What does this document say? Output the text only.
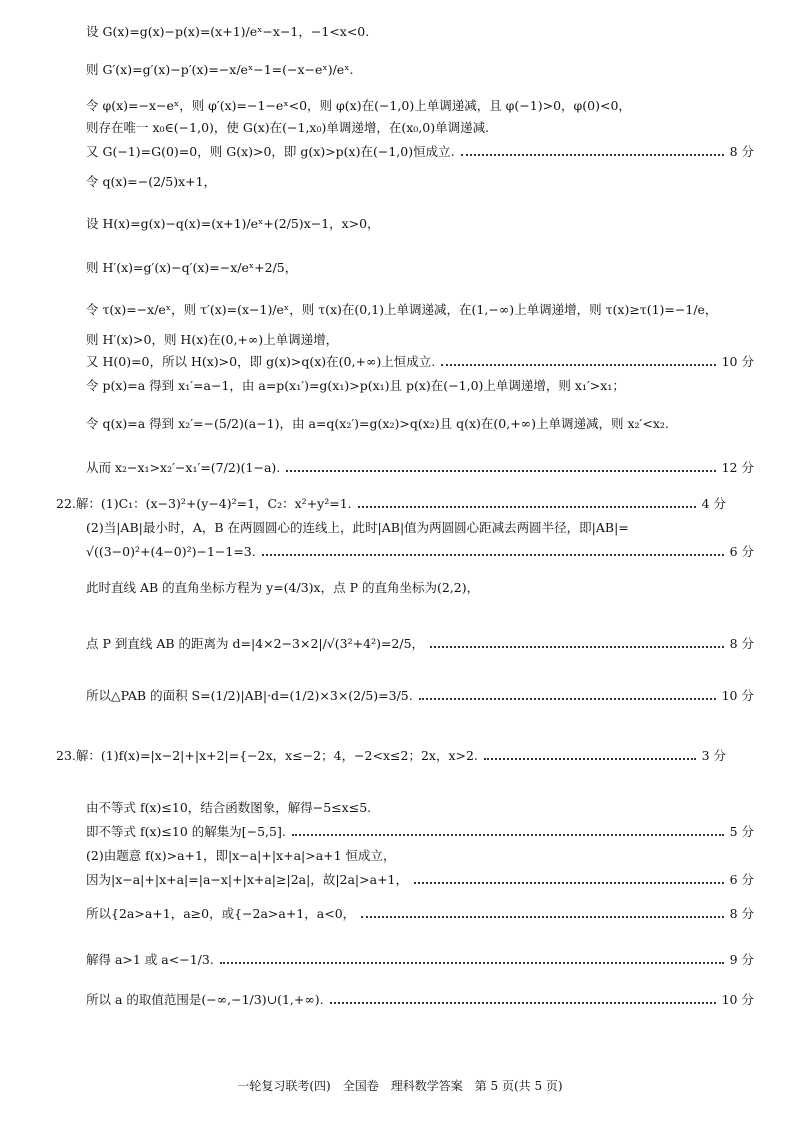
设 G(x)=g(x)−p(x)=(x+1)/eˣ−x−1，−1<x<0.
则 G′(x)=g′(x)−p′(x)=−x/eˣ−1=(−x−eˣ)/eˣ.
令 φ(x)=−x−eˣ，则 φ′(x)=−1−eˣ<0，则 φ(x)在(−1,0)上单调递减，且 φ(−1)>0，φ(0)<0，
则存在唯一 x₀∈(−1,0)，使 G(x)在(−1,x₀)单调递增，在(x₀,0)单调递减.
又 G(−1)=G(0)=0，则 G(x)>0，即 g(x)>p(x)在(−1,0)恒成立.	8 分
令 q(x)=−(2/5)x+1，
设 H(x)=g(x)−q(x)=(x+1)/eˣ+(2/5)x−1，x>0，
则 H′(x)=g′(x)−q′(x)=−x/eˣ+2/5，
令 τ(x)=−x/eˣ，则 τ′(x)=(x−1)/eˣ，则 τ(x)在(0,1)上单调递减，在(1,−∞)上单调递增，则 τ(x)≥τ(1)=−1/e，
则 H′(x)>0，则 H(x)在(0,+∞)上单调递增，
又 H(0)=0，所以 H(x)>0，即 g(x)>q(x)在(0,+∞)上恒成立.	10 分
令 p(x)=a 得到 x₁′=a−1，由 a=p(x₁′)=g(x₁)>p(x₁)且 p(x)在(−1,0)上单调递增，则 x₁′>x₁；
令 q(x)=a 得到 x₂′=−(5/2)(a−1)，由 a=q(x₂′)=g(x₂)>q(x₂)且 q(x)在(0,+∞)上单调递减，则 x₂′<x₂.
从而 x₂−x₁>x₂′−x₁′=(7/2)(1−a).	12 分
22.解：(1)C₁：(x−3)²+(y−4)²=1，C₂：x²+y²=1.	4 分
(2)当|AB|最小时，A，B 在两圆圆心的连线上，此时|AB|值为两圆圆心距减去两圆半径，即|AB|=
√((3−0)²+(4−0)²)−1−1=3.	6 分
此时直线 AB 的直角坐标方程为 y=(4/3)x，点 P 的直角坐标为(2,2)，
点 P 到直线 AB 的距离为 d=|4×2−3×2|/√(3²+4²)=2/5，	8 分
所以△PAB 的面积 S=(1/2)|AB|·d=(1/2)×3×(2/5)=3/5.	10 分
23.解：(1)f(x)=|x−2|+|x+2|={−2x，x≤−2；4，−2<x≤2；2x，x>2.	3 分
由不等式 f(x)≤10，结合函数图象，解得−5≤x≤5.
即不等式 f(x)≤10 的解集为[−5,5].	5 分
(2)由题意 f(x)>a+1，即|x−a|+|x+a|>a+1 恒成立，
因为|x−a|+|x+a|=|a−x|+|x+a|≥|2a|，故|2a|>a+1，	6 分
所以{2a>a+1，a≥0，或{−2a>a+1，a<0，	8 分
解得 a>1 或 a<−1/3.	9 分
所以 a 的取值范围是(−∞,−1/3)∪(1,+∞).	10 分
一轮复习联考(四)　全国卷　理科数学答案　第 5 页(共 5 页)
